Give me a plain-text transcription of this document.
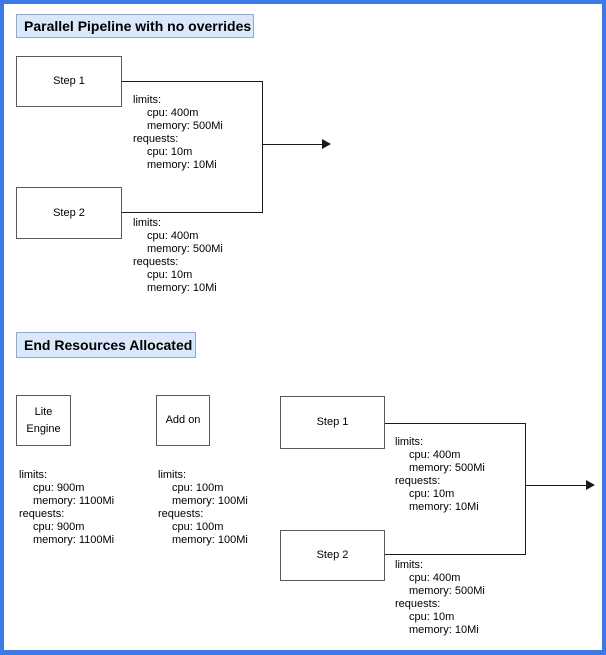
Parallel Pipeline with no overrides
Step 1
Step 2
limits:
cpu: 400m
memory: 500Mi
requests:
cpu: 10m
memory: 10Mi
limits:
cpu: 400m
memory: 500Mi
requests:
cpu: 10m
memory: 10Mi
End Resources Allocated
Lite
Engine
Add on	Step 1
Step 2
limits:
cpu: 900m
memory: 1100Mi
requests:
cpu: 900m
memory: 1100Mi
limits:
cpu: 100m
memory: 100Mi
requests:
cpu: 100m
memory: 100Mi
limits:
cpu: 400m
memory: 500Mi
requests:
cpu: 10m
memory: 10Mi
limits:
cpu: 400m
memory: 500Mi
requests:
cpu: 10m
memory: 10Mi
